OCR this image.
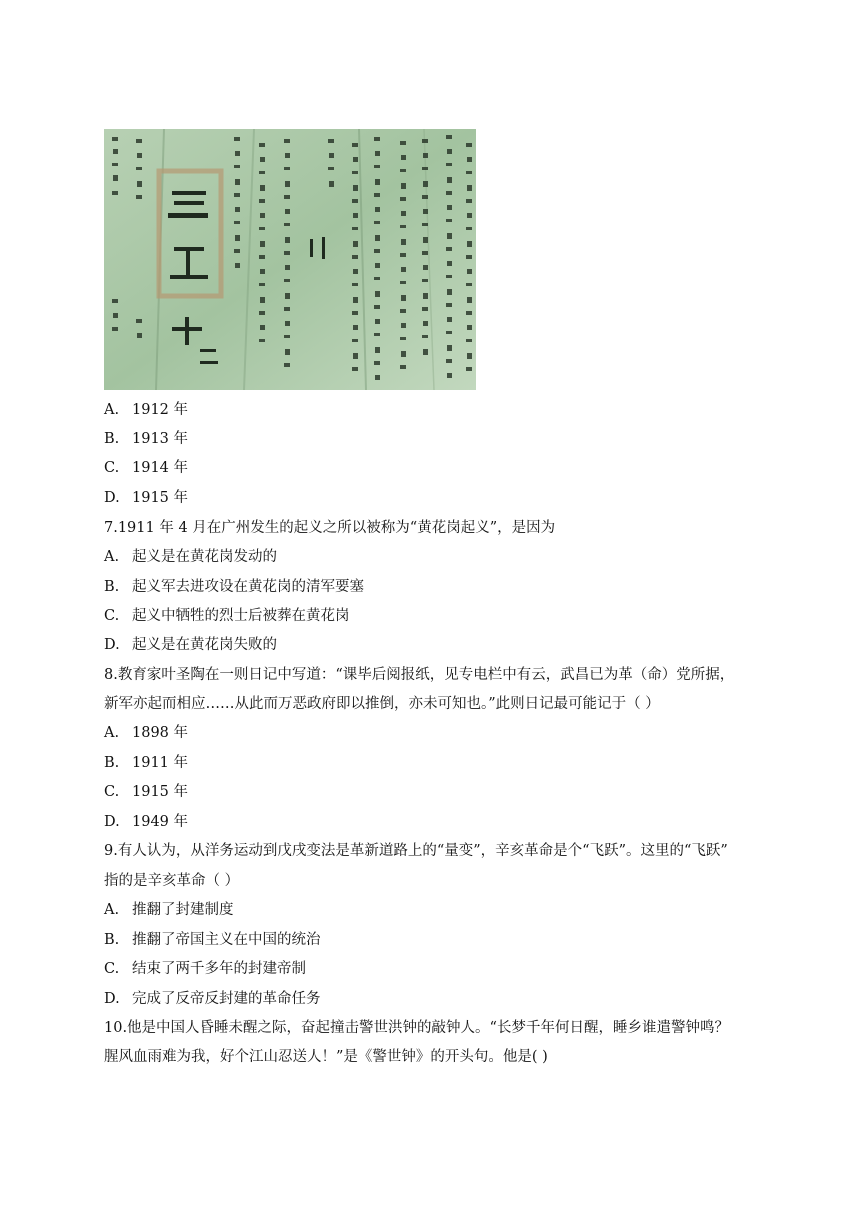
A. 1912 年
B. 1913 年
C. 1914 年
D. 1915 年
7.1911 年 4 月在广州发生的起义之所以被称为“黄花岗起义”，是因为
A. 起义是在黄花岗发动的
B. 起义军去进攻设在黄花岗的清军要塞
C. 起义中牺牲的烈士后被葬在黄花岗
D. 起义是在黄花岗失败的
8.教育家叶圣陶在一则日记中写道：“课毕后阅报纸，见专电栏中有云，武昌已为革（命）党所据，
新军亦起而相应……从此而万恶政府即以推倒，亦未可知也。”此则日记最可能记于（ ）
A. 1898 年
B. 1911 年
C. 1915 年
D. 1949 年
9.有人认为，从洋务运动到戊戌变法是革新道路上的“量变”，辛亥革命是个“飞跃”。这里的“飞跃”
指的是辛亥革命（ ）
A. 推翻了封建制度
B. 推翻了帝国主义在中国的统治
C. 结束了两千多年的封建帝制
D. 完成了反帝反封建的革命任务
10.他是中国人昏睡未醒之际，奋起撞击警世洪钟的敲钟人。“长梦千年何日醒，睡乡谁遣警钟鸣？
腥风血雨难为我，好个江山忍送人！”是《警世钟》的开头句。他是( )
